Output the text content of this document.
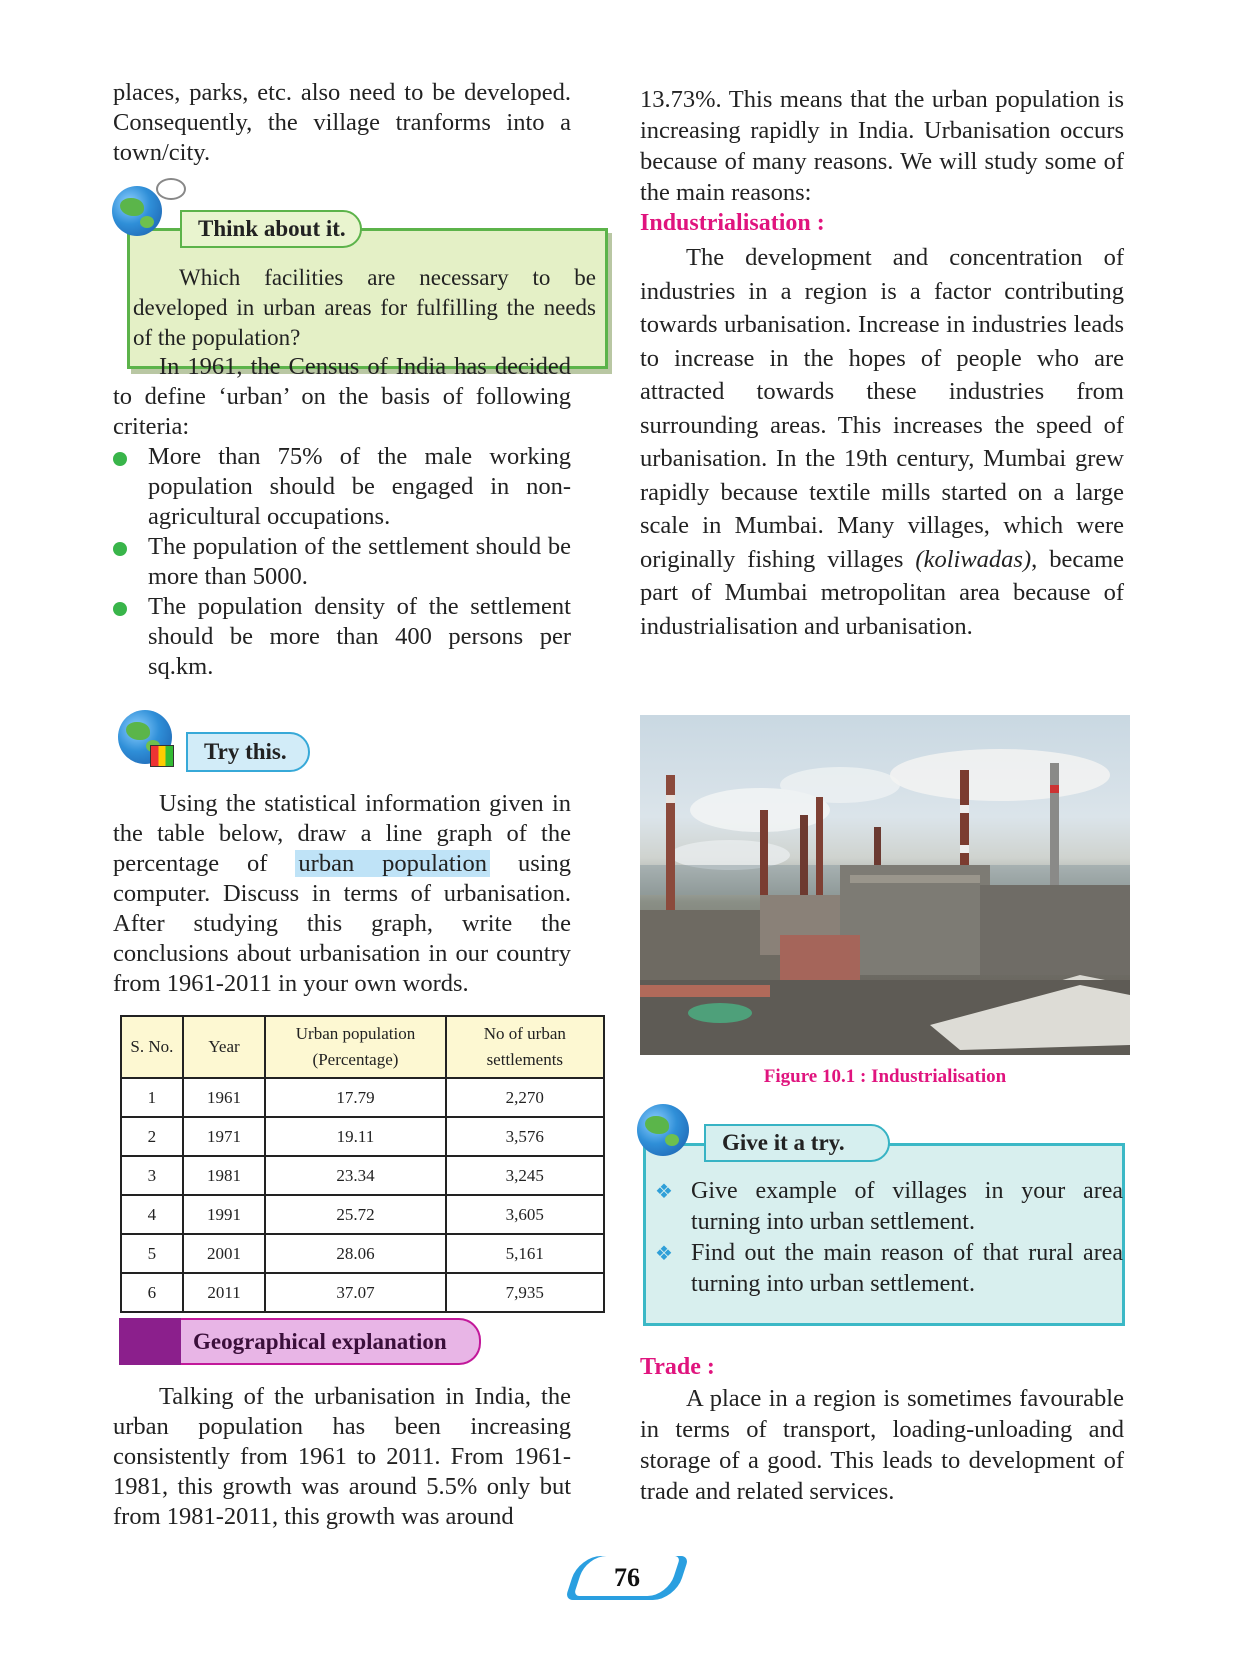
places, parks, etc. also need to be developed. Consequently, the village tranforms into a town/city.

Think about it.
Which facilities are necessary to be developed in urban areas for fulfilling the needs of the population?

In 1961, the Census of India has decided to define ‘urban’ on the basis of following criteria:

More than 75% of the male working population should be engaged in non-agricultural occupations.
The population of the settlement should be more than 5000.
The population density of the settlement should be more than 400 persons per sq.km.
Try this.

Using the statistical information given in the table below, draw a line graph of the percentage of urban population using computer. Discuss in terms of urbanisation. After studying this graph, write the conclusions about urbanisation in our country from 1961-2011 in your own words.

S. No.	Year	Urban population (Percentage)	No of urban settlements
1	1961	17.79	2,270
2	1971	19.11	3,576
3	1981	23.34	3,245
4	1991	25.72	3,605
5	2001	28.06	5,161
6	2011	37.07	7,935
Geographical explanation

Talking of the urbanisation in India, the urban population has been increasing consistently from 1961 to 2011. From 1961-1981, this growth was around 5.5% only but from 1981-2011, this growth was around

13.73%. This means that the urban population is increasing rapidly in India. Urbanisation occurs because of many reasons. We will study some of the main reasons:

Industrialisation :

The development and concentration of industries in a region is a factor contributing towards urbanisation. Increase in industries leads to increase in the hopes of people who are attracted towards these industries from surrounding areas. This increases the speed of urbanisation. In the 19th century, Mumbai grew rapidly because textile mills started on a large scale in Mumbai. Many villages, which were originally fishing villages (koliwadas), became part of Mumbai metropolitan area because of industrialisation and urbanisation.

Figure 10.1 : Industrialisation
Give it a try.
❖ Give example of villages in your area turning into urban settlement.
❖ Find out the main reason of that rural area turning into urban settlement.

Trade :

A place in a region is sometimes favourable in terms of transport, loading-unloading and storage of a good. This leads to development of trade and related services.

76
